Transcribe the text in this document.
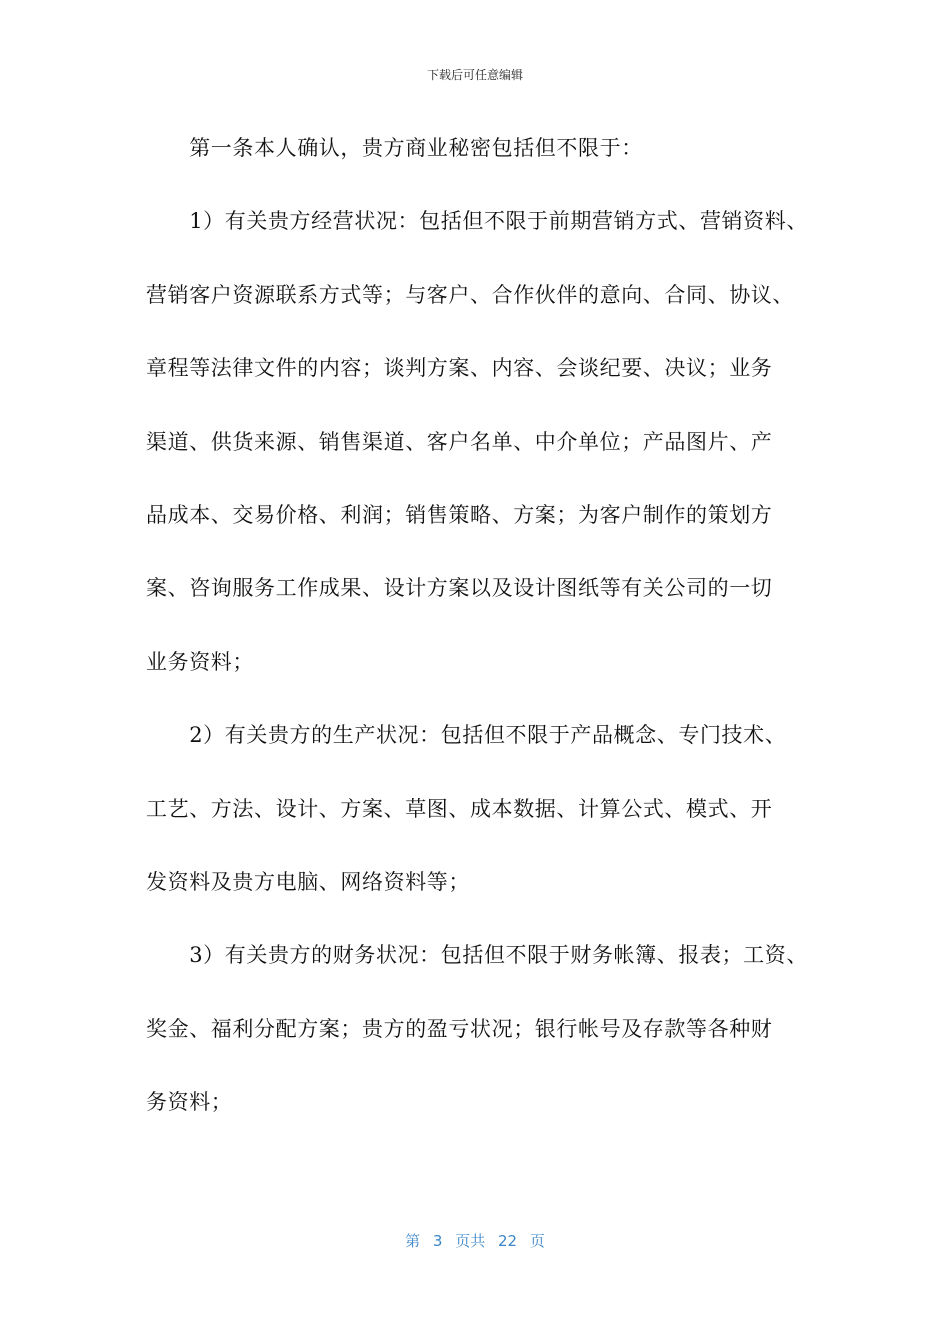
下载后可任意编辑
　　第一条本人确认，贵方商业秘密包括但不限于：
　　1）有关贵方经营状况：包括但不限于前期营销方式、营销资料、
营销客户资源联系方式等；与客户、合作伙伴的意向、合同、协议、
章程等法律文件的内容；谈判方案、内容、会谈纪要、决议；业务
渠道、供货来源、销售渠道、客户名单、中介单位；产品图片、产
品成本、交易价格、利润；销售策略、方案；为客户制作的策划方
案、咨询服务工作成果、设计方案以及设计图纸等有关公司的一切
业务资料；
　　2）有关贵方的生产状况：包括但不限于产品概念、专门技术、
工艺、方法、设计、方案、草图、成本数据、计算公式、模式、开
发资料及贵方电脑、网络资料等；
　　3）有关贵方的财务状况：包括但不限于财务帐簿、报表；工资、
奖金、福利分配方案；贵方的盈亏状况；银行帐号及存款等各种财
务资料；
第 3 页共 22 页
